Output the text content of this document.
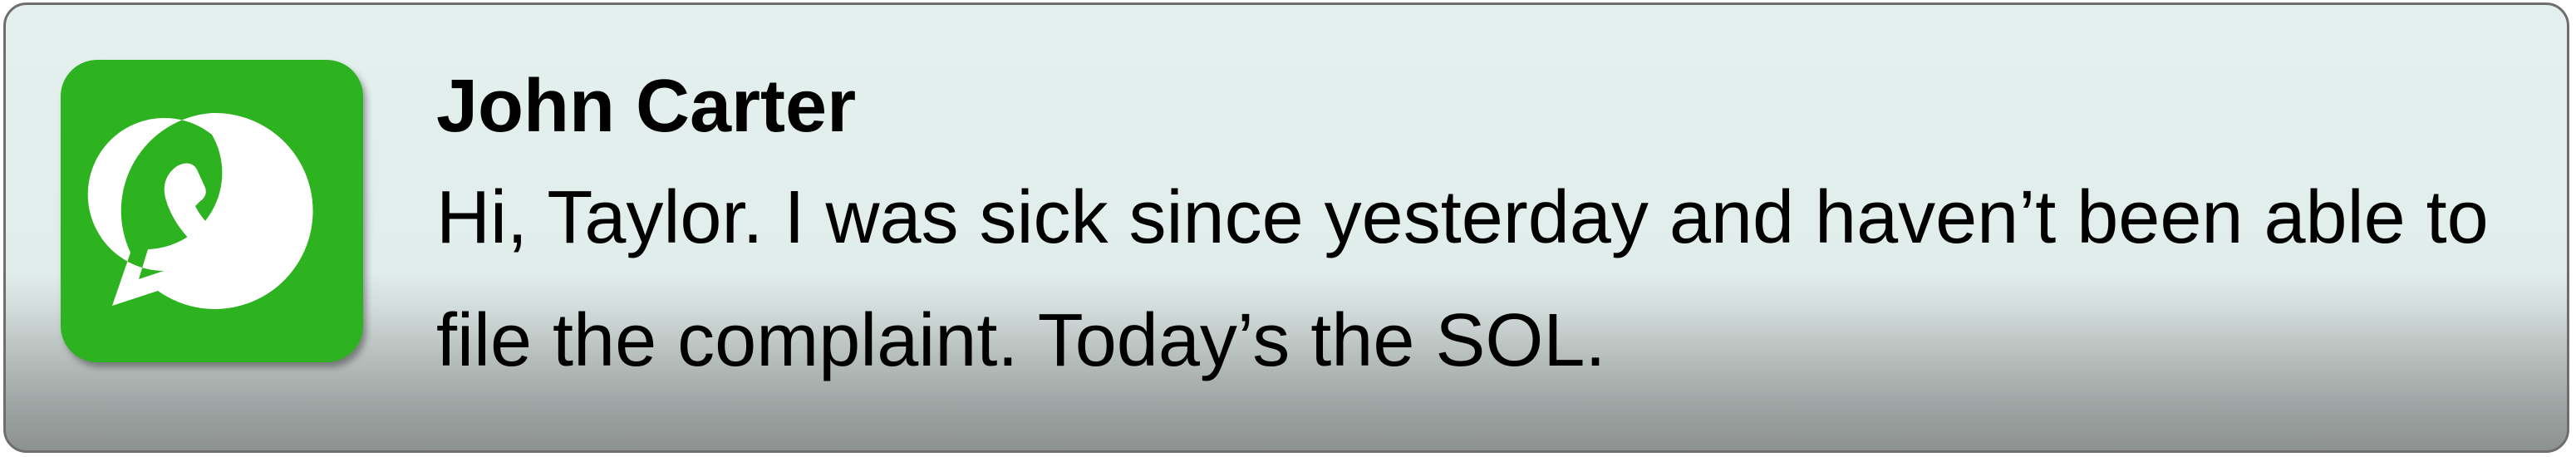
John Carter
Hi, Taylor. I was sick since yesterday and haven’t been able to file the complaint. Today’s the SOL.
